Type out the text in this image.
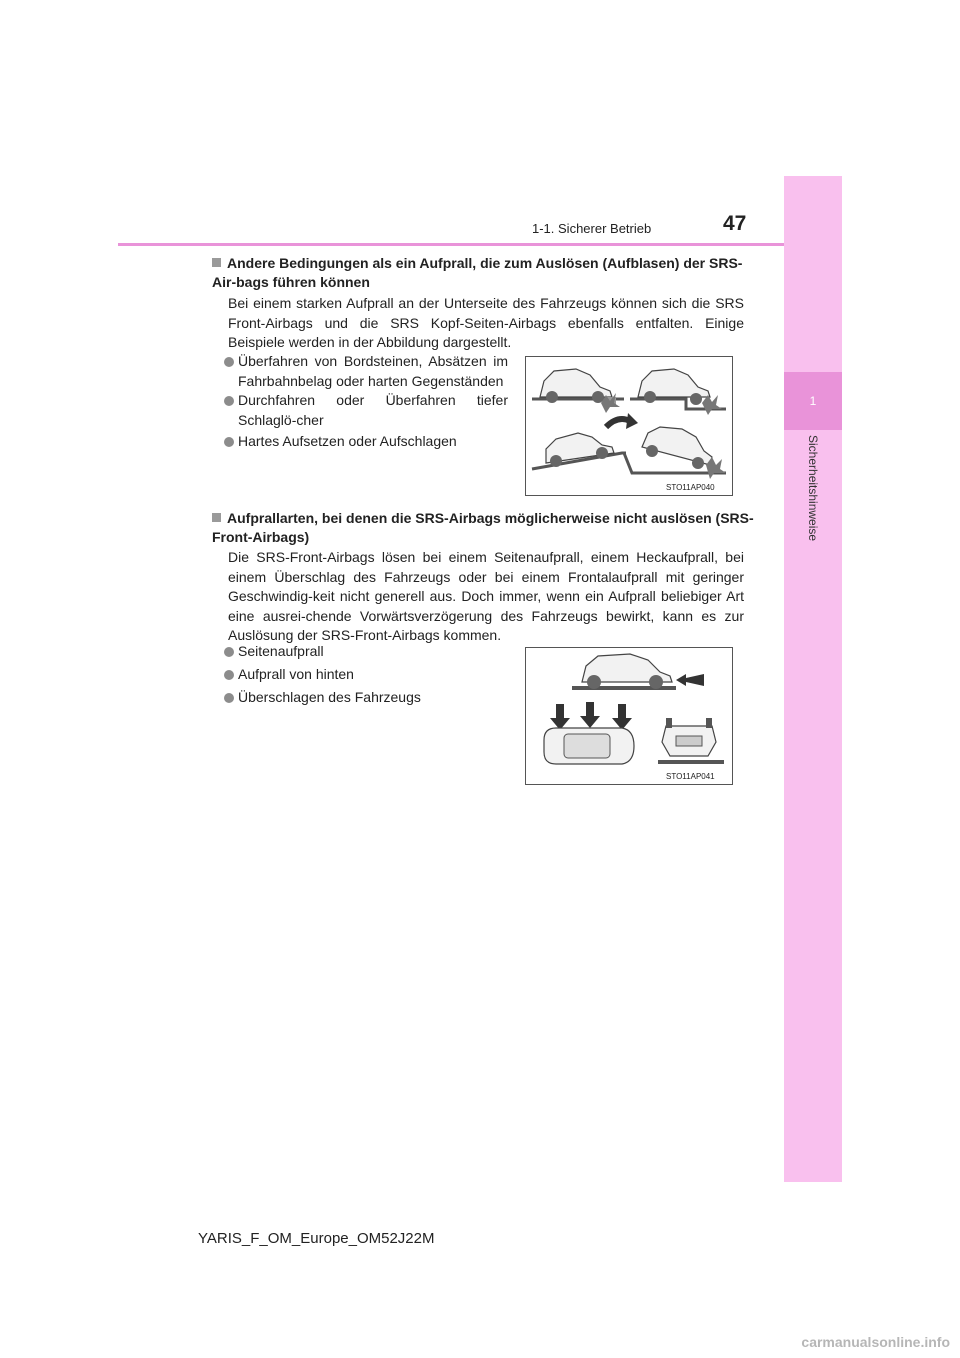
1
Sicherheitshinweise
1-1. Sicherer Betrieb	47
Andere Bedingungen als ein Aufprall, die zum Auslösen (Aufblasen) der SRS-Air-bags führen können
Bei einem starken Aufprall an der Unterseite des Fahrzeugs können sich die SRS Front-Airbags und die SRS Kopf-Seiten-Airbags ebenfalls entfalten. Einige Beispiele werden in der Abbildung dargestellt.
Überfahren von Bordsteinen, Absätzen im Fahrbahnbelag oder harten Gegenständen
Durchfahren oder Überfahren tiefer Schlaglö-cher
Hartes Aufsetzen oder Aufschlagen
STO11AP040
Aufprallarten, bei denen die SRS-Airbags möglicherweise nicht auslösen (SRS-Front-Airbags)
Die SRS-Front-Airbags lösen bei einem Seitenaufprall, einem Heckaufprall, bei einem Überschlag des Fahrzeugs oder bei einem Frontalaufprall mit geringer Geschwindig-keit nicht generell aus. Doch immer, wenn ein Aufprall beliebiger Art eine ausrei-chende Vorwärtsverzögerung des Fahrzeugs bewirkt, kann es zur Auslösung der SRS-Front-Airbags kommen.
Seitenaufprall
Aufprall von hinten
Überschlagen des Fahrzeugs
STO11AP041
YARIS_F_OM_Europe_OM52J22M
carmanualsonline.info
